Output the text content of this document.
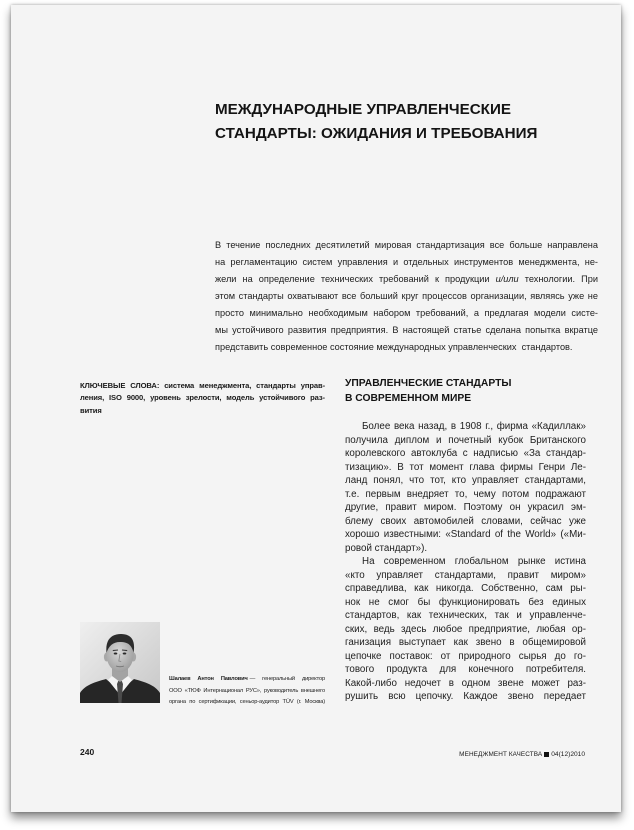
МЕЖДУНАРОДНЫЕ УПРАВЛЕНЧЕСКИЕ
СТАНДАРТЫ: ОЖИДАНИЯ И ТРЕБОВАНИЯ
В течение последних десятилетий мировая стандартизация все больше направлена
на регламентацию систем управления и отдельных инструментов менеджмента, не-
жели на определение технических требований к продукции и/или технологии. При
этом стандарты охватывают все больший круг процессов организации, являясь уже не
просто минимально необходимым набором требований, а предлагая модели систе-
мы устойчивого развития предприятия. В настоящей статье сделана попытка вкратце
представить современное состояние международных управленческих  стандартов.
КЛЮЧЕВЫЕ СЛОВА: система менеджмента, стандарты управ-
ления, ISO 9000, уровень зрелости, модель устойчивого раз-
вития
УПРАВЛЕНЧЕСКИЕ СТАНДАРТЫ
В СОВРЕМЕННОМ МИРЕ
Более века назад, в 1908 г., фирма «Кадиллак»
получила диплом и почетный кубок Британского
королевского автоклуба с надписью «За стандар-
тизацию». В тот момент глава фирмы Генри Ле-
ланд понял, что тот, кто управляет стандартами,
т.е. первым внедряет то, чему потом подражают
другие, правит миром. Поэтому он украсил эм-
блему своих автомобилей словами, сейчас уже
хорошо известными: «Standard of the World» («Ми-
ровой стандарт»).
На современном глобальном рынке истина
«кто управляет стандартами, правит миром»
справедлива, как никогда. Собственно, сам ры-
нок не смог бы функционировать без единых
стандартов, как технических, так и управленче-
ских, ведь здесь любое предприятие, любая ор-
ганизация выступает как звено в общемировой
цепочке поставок: от природного сырья до го-
тового продукта для конечного потребителя.
Какой-либо недочет в одном звене может раз-
рушить всю цепочку. Каждое звено передает
Шалаев Антон Павлович — генеральный директор
ООО «ТЮФ Интернационал РУС», руководитель внешнего
органа по сертификации, сеньор-аудитор TÜV (г. Москва)
240	МЕНЕДЖМЕНТ КАЧЕСТВА 04(12)2010
